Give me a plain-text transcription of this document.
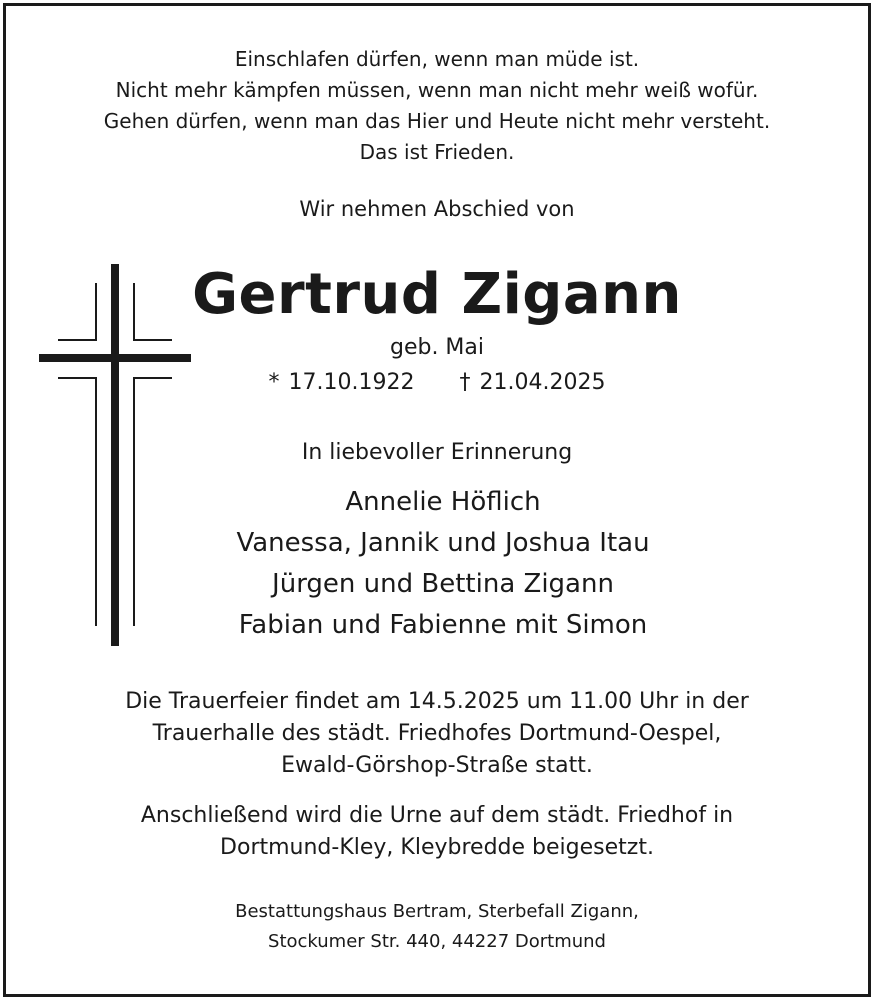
Einschlafen dürfen, wenn man müde ist.
Nicht mehr kämpfen müssen, wenn man nicht mehr weiß wofür.
Gehen dürfen, wenn man das Hier und Heute nicht mehr versteht.
Das ist Frieden.
Wir nehmen Abschied von
Gertrud Zigann
geb. Mai
* 17.10.1922 † 21.04.2025
In liebevoller Erinnerung
Annelie Höflich
Vanessa, Jannik und Joshua Itau
Jürgen und Bettina Zigann
Fabian und Fabienne mit Simon
Die Trauerfeier findet am 14.5.2025 um 11.00 Uhr in der
Trauerhalle des städt. Friedhofes Dortmund-Oespel,
Ewald-Görshop-Straße statt.
Anschließend wird die Urne auf dem städt. Friedhof in
Dortmund-Kley, Kleybredde beigesetzt.
Bestattungshaus Bertram, Sterbefall Zigann,
Stockumer Str. 440, 44227 Dortmund
